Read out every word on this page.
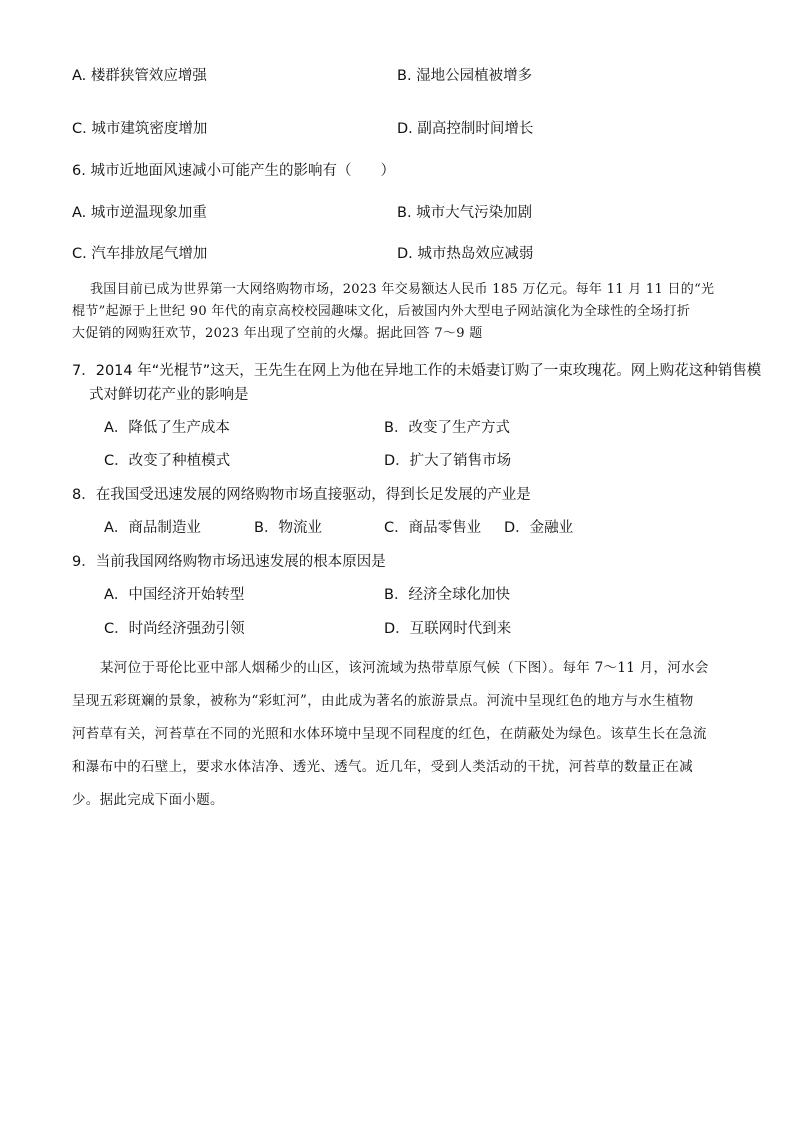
A. 楼群狭管效应增强	B. 湿地公园植被增多
C. 城市建筑密度增加	D. 副高控制时间增长
6. 城市近地面风速减小可能产生的影响有（　　）
A. 城市逆温现象加重	B. 城市大气污染加剧
C. 汽车排放尾气增加	D. 城市热岛效应减弱
我国目前已成为世界第一大网络购物市场，2023 年交易额达人民币 185 万亿元。每年 11 月 11 日的“光
棍节”起源于上世纪 90 年代的南京高校校园趣味文化，后被国内外大型电子网站演化为全球性的全场打折
大促销的网购狂欢节，2023 年出现了空前的火爆。据此回答 7～9 题
7．2014 年“光棍节”这天，王先生在网上为他在异地工作的未婚妻订购了一束玫瑰花。网上购花这种销售模
式对鲜切花产业的影响是
A．降低了生产成本	B．改变了生产方式
C．改变了种植模式	D．扩大了销售市场
8．在我国受迅速发展的网络购物市场直接驱动，得到长足发展的产业是
A．商品制造业	B．物流业	C．商品零售业 D．金融业
9．当前我国网络购物市场迅速发展的根本原因是
A．中国经济开始转型	B．经济全球化加快
C．时尚经济强劲引领	D．互联网时代到来
某河位于哥伦比亚中部人烟稀少的山区，该河流域为热带草原气候（下图）。每年 7～11 月，河水会
呈现五彩斑斓的景象，被称为“彩虹河”，由此成为著名的旅游景点。河流中呈现红色的地方与水生植物
河苔草有关，河苔草在不同的光照和水体环境中呈现不同程度的红色，在荫蔽处为绿色。该草生长在急流
和瀑布中的石壁上，要求水体洁净、透光、透气。近几年，受到人类活动的干扰，河苔草的数量正在减
少。据此完成下面小题。
